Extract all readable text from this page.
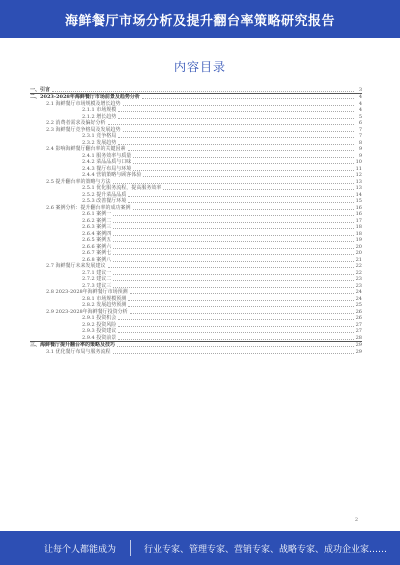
海鲜餐厅市场分析及提升翻台率策略研究报告
内容目录
一、引言	3
二、2023-2028年海鲜餐厅市场前景及趋势分析	4
2.1 海鲜餐厅市场规模及增长趋势	4
2.1.1 市场规模	4
2.1.2 增长趋势	5
2.2 消费者需求及偏好分析	6
2.3 海鲜餐厅竞争格局及发展趋势	7
2.3.1 竞争格局	7
2.3.2 发展趋势	8
2.4 影响海鲜餐厅翻台率的关键因素	9
2.4.1 服务效率与质量	9
2.4.2 菜品品质与口味	10
2.4.3 餐厅布局与环境	11
2.4.4 营销策略与顾客体验	12
2.5 提升翻台率的策略与方法	13
2.5.1 优化服务流程，提高服务效率	13
2.5.2 提升菜品品质	14
2.5.3 改善餐厅环境	15
2.6 案例分析：提升翻台率的成功案例	16
2.6.1 案例一	16
2.6.2 案例二	17
2.6.3 案例三	18
2.6.4 案例四	18
2.6.5 案例五	19
2.6.6 案例六	20
2.6.7 案例七	20
2.6.8 案例八	21
2.7 海鲜餐厅未来发展建议	22
2.7.1 建议一	22
2.7.2 建议二	23
2.7.3 建议三	23
2.8 2023-2028年海鲜餐厅市场预测	24
2.8.1 市场规模预测	24
2.8.2 发展趋势预测	25
2.9 2023-2028年海鲜餐厅投资分析	26
2.9.1 投资机会	26
2.9.2 投资风险	27
2.9.3 投资建议	27
2.9.4 投资前景	28
三、海鲜餐厅提升翻台率的策略及技巧	29
3.1 优化餐厅布局与服务流程	29
2
让每个人都能成为	行业专家、管理专家、营销专家、战略专家、成功企业家……
